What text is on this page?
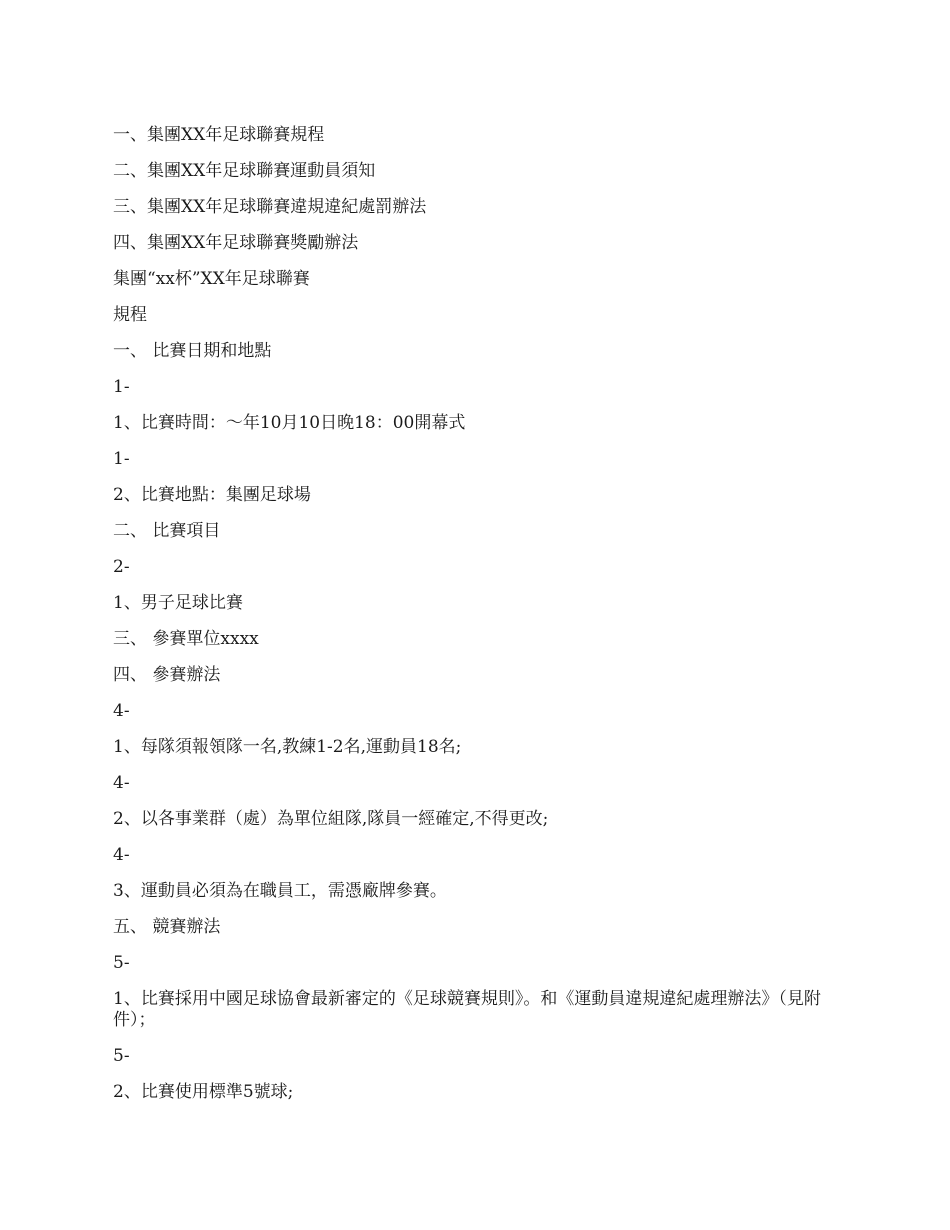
一、集團XX年足球聯賽規程
二、集團XX年足球聯賽運動員須知
三、集團XX年足球聯賽違規違紀處罰辦法
四、集團XX年足球聯賽獎勵辦法
集團“xx杯”XX年足球聯賽
規程
一、 比賽日期和地點
1-
1、比賽時間：～年10月10日晚18：00開幕式
1-
2、比賽地點：集團足球場
二、 比賽項目
2-
1、男子足球比賽
三、 參賽單位xxxx
四、 參賽辦法
4-
1、每隊須報領隊一名,教練1-2名,運動員18名;
4-
2、以各事業群（處）為單位組隊,隊員一經確定,不得更改;
4-
3、運動員必須為在職員工，需憑廠牌參賽。
五、 競賽辦法
5-
1、比賽採用中國足球協會最新審定的《足球競賽規則》。和《運動員違規違紀處理辦法》（見附件）；
5-
2、比賽使用標準5號球;
